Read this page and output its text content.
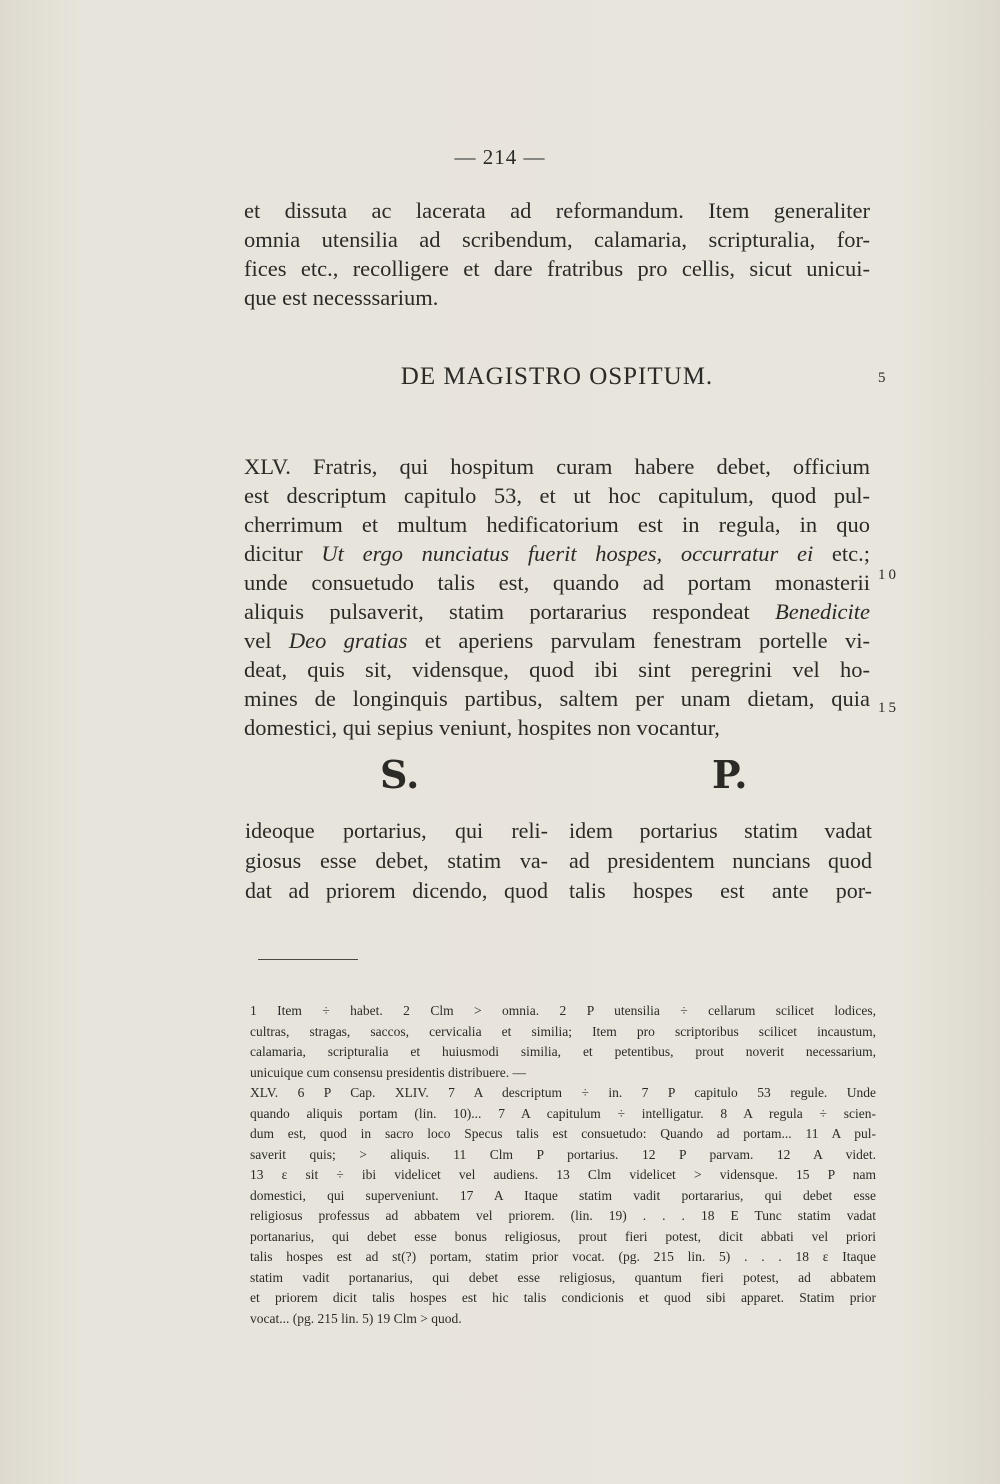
— 214 —
et dissuta ac lacerata ad reformandum. Item generaliter
omnia utensilia ad scribendum, calamaria, scripturalia, for-
fices etc., recolligere et dare fratribus pro cellis, sicut unicui-
que est necesssarium.
DE MAGISTRO OSPITUM.	5
XLV. Fratris, qui hospitum curam habere debet, officium
est descriptum capitulo 53, et ut hoc capitulum, quod pul-
cherrimum et multum hedificatorium est in regula, in quo
dicitur Ut ergo nunciatus fuerit hospes, occurratur ei etc.;
unde consuetudo talis est, quando ad portam monasterii
aliquis pulsaverit, statim portararius respondeat Benedicite
vel Deo gratias et aperiens parvulam fenestram portelle vi-
deat, quis sit, vidensque, quod ibi sint peregrini vel ho-
mines de longinquis partibus, saltem per unam dietam, quia
domestici, qui sepius veniunt, hospites non vocantur,
10
15
S.	P.
ideoque portarius, qui reli-
giosus esse debet, statim va-
dat ad priorem dicendo, quod
idem portarius statim vadat
ad presidentem nuncians quod
talis hospes est ante por-
1 Item ÷ habet. 2 Clm > omnia. 2 P utensilia ÷ cellarum scilicet lodices,
cultras, stragas, saccos, cervicalia et similia; Item pro scriptoribus scilicet incaustum,
calamaria, scripturalia et huiusmodi similia, et petentibus, prout noverit necessarium,
unicuique cum consensu presidentis distribuere. —
XLV. 6 P Cap. XLIV. 7 A descriptum ÷ in. 7 P capitulo 53 regule. Unde
quando aliquis portam (lin. 10)... 7 A capitulum ÷ intelligatur. 8 A regula ÷ scien-
dum est, quod in sacro loco Specus talis est consuetudo: Quando ad portam... 11 A pul-
saverit quis; > aliquis. 11 Clm P portarius. 12 P parvam. 12 A videt.
13 ε sit ÷ ibi videlicet vel audiens. 13 Clm videlicet > vidensque. 15 P nam
domestici, qui superveniunt. 17 A Itaque statim vadit portararius, qui debet esse
religiosus professus ad abbatem vel priorem. (lin. 19) . . . 18 E Tunc statim vadat
portanarius, qui debet esse bonus religiosus, prout fieri potest, dicit abbati vel priori
talis hospes est ad st(?) portam, statim prior vocat. (pg. 215 lin. 5) . . . 18 ε Itaque
statim vadit portanarius, qui debet esse religiosus, quantum fieri potest, ad abbatem
et priorem dicit talis hospes est hic talis condicionis et quod sibi apparet. Statim prior
vocat... (pg. 215 lin. 5) 19 Clm > quod.
